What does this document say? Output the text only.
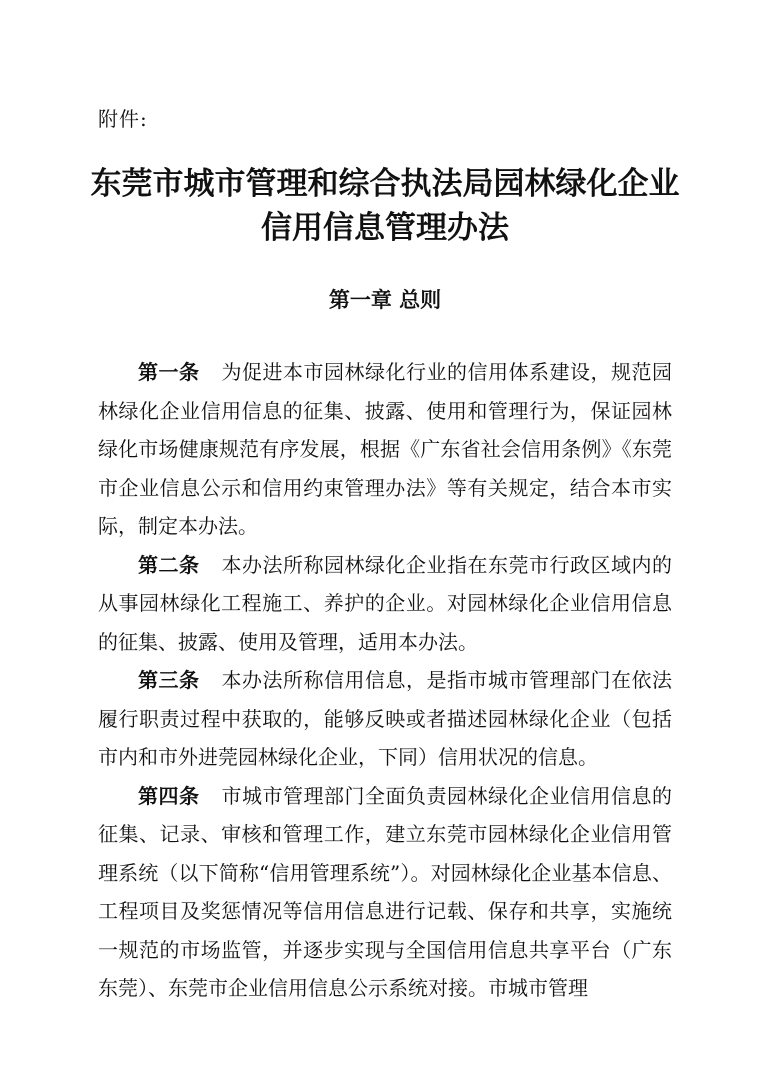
附件:
东莞市城市管理和综合执法局园林绿化企业
信用信息管理办法
第一章 总则

第一条 为促进本市园林绿化行业的信用体系建设，规范园林绿化企业信用信息的征集、披露、使用和管理行为，保证园林绿化市场健康规范有序发展，根据《广东省社会信用条例》《东莞市企业信息公示和信用约束管理办法》等有关规定，结合本市实际，制定本办法。

第二条 本办法所称园林绿化企业指在东莞市行政区域内的从事园林绿化工程施工、养护的企业。对园林绿化企业信用信息的征集、披露、使用及管理，适用本办法。

第三条 本办法所称信用信息，是指市城市管理部门在依法履行职责过程中获取的，能够反映或者描述园林绿化企业（包括市内和市外进莞园林绿化企业，下同）信用状况的信息。

第四条 市城市管理部门全面负责园林绿化企业信用信息的征集、记录、审核和管理工作，建立东莞市园林绿化企业信用管理系统（以下简称“信用管理系统”）。对园林绿化企业基本信息、工程项目及奖惩情况等信用信息进行记载、保存和共享，实施统一规范的市场监管，并逐步实现与全国信用信息共享平台（广东东莞）、东莞市企业信用信息公示系统对接。市城市管理
